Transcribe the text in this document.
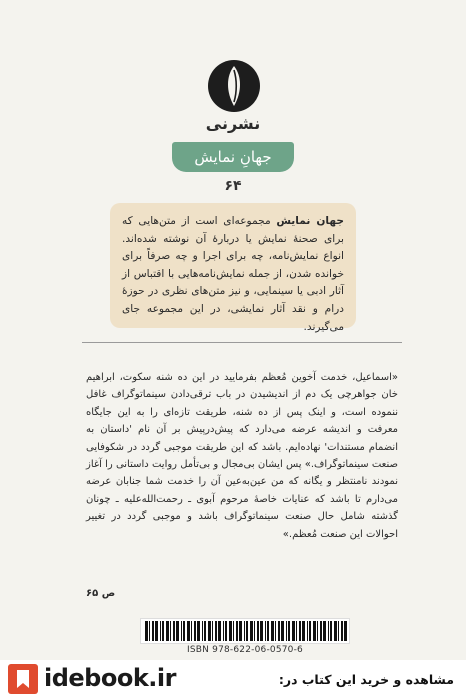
نشرنی
جهانِ نمایش
۶۴
جهان نمایش مجموعه‌ای است از متن‌هایی که برای صحنهٔ نمایش یا دربارهٔ آن نوشته شده‌اند. انواع نمایش‌نامه، چه برای اجرا و چه صرفاً برای خوانده شدن، از جمله نمایش‌نامه‌هایی با اقتباس از آثار ادبی یا سینمایی، و نیز متن‌های نظری در حوزهٔ درام و نقد آثار نمایشی، در این مجموعه جای می‌گیرند.
«اسماعیل، خدمت آخوین مُعظم بفرمایید در این ده شنه سکوت، ابراهیم خان جواهرچی یک دم از اندیشیدن در باب ترقی‌دادن سینماتوگراف غافل ننموده است، و اینک پس از ده شنه، طریقت تازه‌ای را به این جایگاه معرفت و اندیشه عرضه می‌دارد که پیش‌درپیش بر آن نام 'داستان به انضمام مستندات' نهاده‌ایم. باشد که این طریقت موجبی گردد در شکوفایی صنعت سینماتوگراف.» پس ایشان بی‌مجال و بی‌تأمل روایت داستانی را آغاز نمودند نامنتظر و یگانه که من عین‌به‌عین آن را خدمت شما جنابان عرضه می‌دارم تا باشد که عنایات خاصهٔ مرحوم آبوی ـ رحمت‌الله‌علیه ـ چونان گذشته شامل حال صنعت سینماتوگراف باشد و موجبی گردد در تغییر احوالات این صنعت مُعظم.»
ص ۶۵
ISBN 978-622-06-0570-6
idebook.ir	مشاهده و خرید این کتاب در:
